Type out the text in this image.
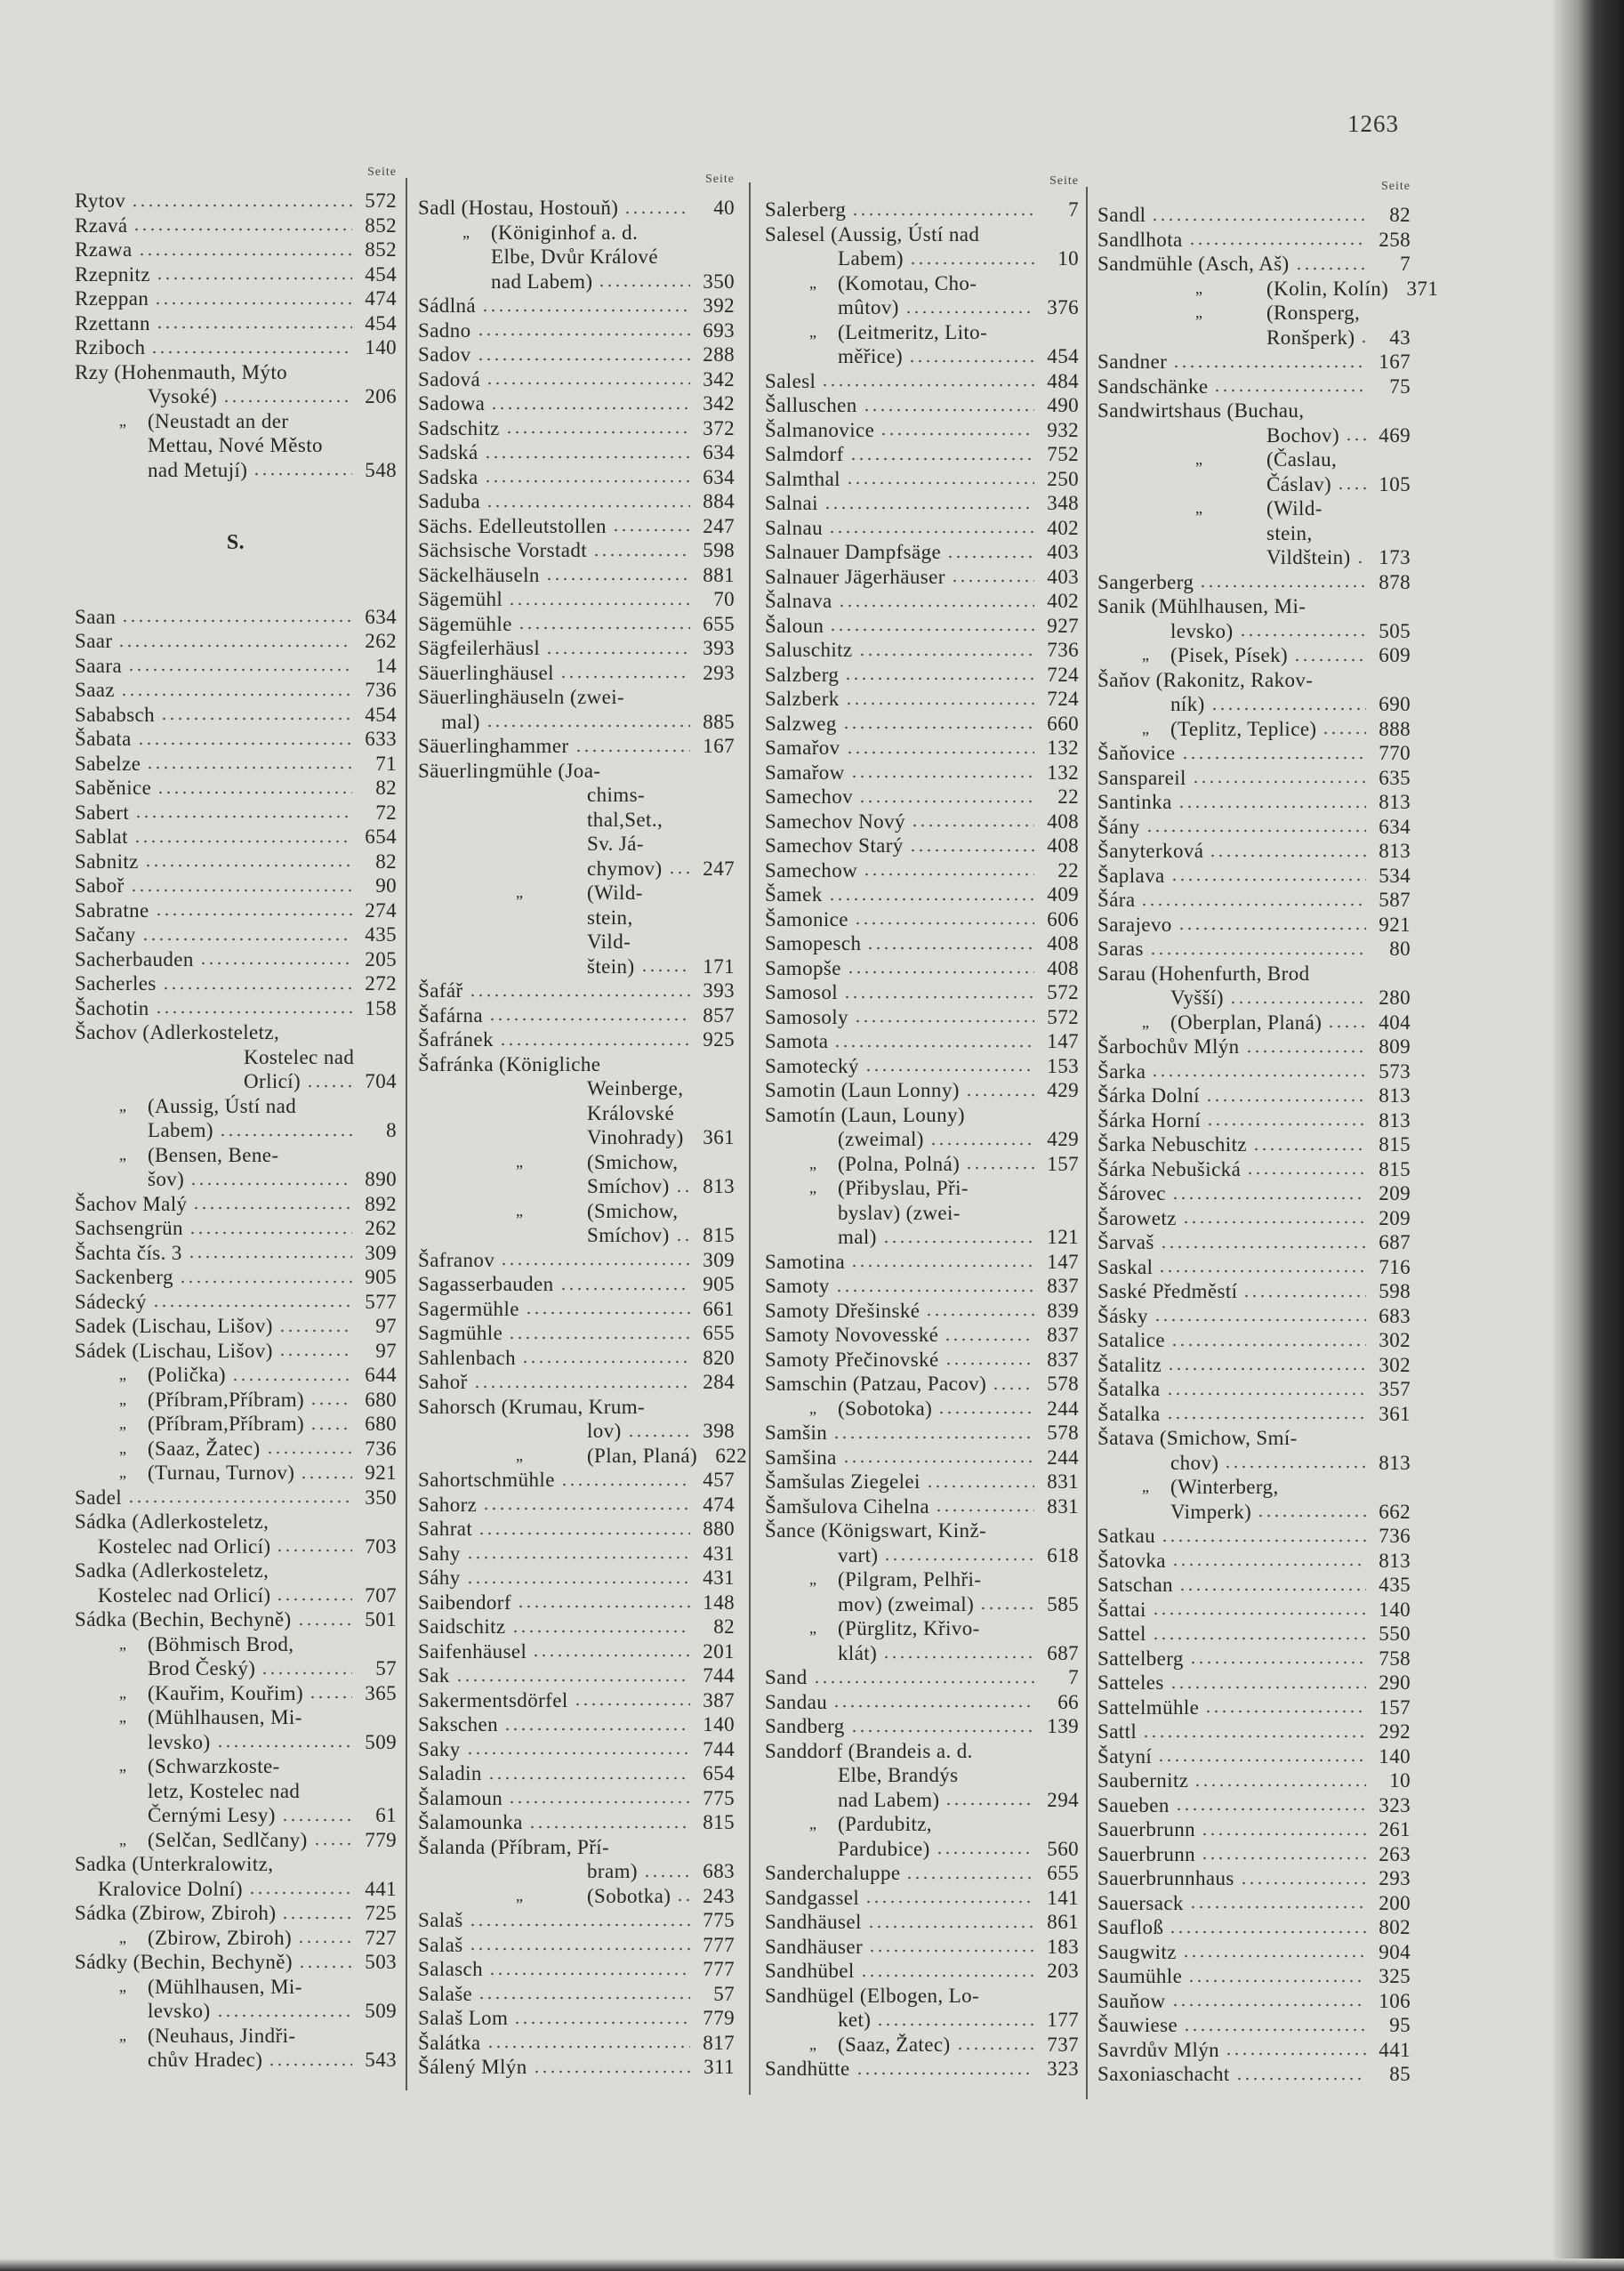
1263
Seite
Rytov	572
Rzavá	852
Rzawa	852
Rzepnitz	454
Rzeppan	474
Rzettann	454
Rziboch	140
Rzy (Hohenmauth, Mýto
Vysoké)	206
„	(Neustadt an der
Mettau, Nové Město
nad Metují)	548
S.
Saan	634
Saar	262
Saara	14
Saaz	736
Sababsch	454
Šabata	633
Sabelze	71
Saběnice	82
Sabert	72
Sablat	654
Sabnitz	82
Saboř	90
Sabratne	274
Sačany	435
Sacherbauden	205
Sacherles	272
Šachotin	158
Šachov (Adlerkosteletz,
Kostelec nad
Orlicí)	704
„	(Aussig, Ústí nad
Labem)	8
„	(Bensen, Bene-
šov)	890
Šachov Malý	892
Sachsengrün	262
Šachta čís. 3	309
Sackenberg	905
Sádecký	577
Sadek (Lischau, Lišov)	97
Sádek (Lischau, Lišov)	97
„	(Polička)	644
„	(Příbram,Příbram)	680
„	(Příbram,Příbram)	680
„	(Saaz, Žatec)	736
„	(Turnau, Turnov)	921
Sadel	350
Sádka (Adlerkosteletz,
Kostelec nad Orlicí)	703
Sadka (Adlerkosteletz,
Kostelec nad Orlicí)	707
Sádka (Bechin, Bechyně)	501
„	(Böhmisch Brod,
Brod Český)	57
„	(Kauřim, Kouřim)	365
„	(Mühlhausen, Mi-
levsko)	509
„	(Schwarzkoste-
letz, Kostelec nad
Černými Lesy)	61
„	(Selčan, Sedlčany)	779
Sadka (Unterkralowitz,
Kralovice Dolní)	441
Sádka (Zbirow, Zbiroh)	725
„	(Zbirow, Zbiroh)	727
Sádky (Bechin, Bechyně)	503
„	(Mühlhausen, Mi-
levsko)	509
„	(Neuhaus, Jindři-
chův Hradec)	543
Seite
Sadl (Hostau, Hostouň)	40
„	(Königinhof a. d.
Elbe, Dvůr Králové
nad Labem)	350
Sádlná	392
Sadno	693
Sadov	288
Sadová	342
Sadowa	342
Sadschitz	372
Sadská	634
Sadska	634
Saduba	884
Sächs. Edelleutstollen	247
Sächsische Vorstadt	598
Säckelhäuseln	881
Sägemühl	70
Sägemühle	655
Sägfeilerhäusl	393
Säuerlinghäusel	293
Säuerlinghäuseln (zwei-
mal)	885
Säuerlinghammer	167
Säuerlingmühle (Joa-
chims-
thal,Set.,
Sv. Já-
chymov)	247
„	(Wild-
stein,
Vild-
štein)	171
Šafář	393
Šafárna	857
Šafránek	925
Šafránka (Königliche
Weinberge,
Královské
Vinohrady) 361
„	(Smichow,
Smíchov)	813
„	(Smichow,
Smíchov)	815
Šafranov	309
Sagasserbauden	905
Sagermühle	661
Sagmühle	655
Sahlenbach	820
Sahoř	284
Sahorsch (Krumau, Krum-
lov)	398
„	(Plan, Planá) 622
Sahortschmühle	457
Sahorz	474
Sahrat	880
Sahy	431
Sáhy	431
Saibendorf	148
Saidschitz	82
Saifenhäusel	201
Sak	744
Sakermentsdörfel	387
Sakschen	140
Saky	744
Saladin	654
Šalamoun	775
Šalamounka	815
Šalanda (Příbram, Pří-
bram)	683
„	(Sobotka)	243
Salaš	775
Salaš	777
Salasch	777
Salaše	57
Salaš Lom	779
Šalátka	817
Šálený Mlýn	311
Seite
Salerberg	7
Salesel (Aussig, Ústí nad
Labem)	10
„	(Komotau, Cho-
mûtov)	376
„	(Leitmeritz, Lito-
měřice)	454
Salesl	484
Šalluschen	490
Šalmanovice	932
Salmdorf	752
Salmthal	250
Salnai	348
Salnau	402
Salnauer Dampfsäge	403
Salnauer Jägerhäuser	403
Šalnava	402
Šaloun	927
Saluschitz	736
Salzberg	724
Salzberk	724
Salzweg	660
Samařov	132
Samařow	132
Samechov	22
Samechov Nový	408
Samechov Starý	408
Samechow	22
Šamek	409
Šamonice	606
Samopesch	408
Samopše	408
Samosol	572
Samosoly	572
Samota	147
Samotecký	153
Samotin (Laun Lonny)	429
Samotín (Laun, Louny)
(zweimal)	429
„	(Polna, Polná)	157
„	(Přibyslau, Při-
byslav) (zwei-
mal)	121
Samotina	147
Samoty	837
Samoty Dřešinské	839
Samoty Novovesské	837
Samoty Přečinovské	837
Samschin (Patzau, Pacov)	578
„	(Sobotoka)	244
Samšin	578
Samšina	244
Šamšulas Ziegelei	831
Šamšulova Cihelna	831
Šance (Königswart, Kinž-
vart)	618
„	(Pilgram, Pelhři-
mov) (zweimal)	585
„	(Pürglitz, Křivo-
klát)	687
Sand	7
Sandau	66
Sandberg	139
Sanddorf (Brandeis a. d.
Elbe, Brandýs
nad Labem)	294
„	(Pardubitz,
Pardubice)	560
Sanderchaluppe	655
Sandgassel	141
Sandhäusel	861
Sandhäuser	183
Sandhübel	203
Sandhügel (Elbogen, Lo-
ket)	177
„	(Saaz, Žatec)	737
Sandhütte	323
Seite
Sandl	82
Sandlhota	258
Sandmühle (Asch, Aš)	7
„	(Kolin, Kolín) 371
„	(Ronsperg,
Ronšperk)	43
Sandner	167
Sandschänke	75
Sandwirtshaus (Buchau,
Bochov)	469
„	(Časlau,
Čáslav)	105
„	(Wild-
stein,
Vildštein)	173
Sangerberg	878
Sanik (Mühlhausen, Mi-
levsko)	505
„	(Pisek, Písek)	609
Šaňov (Rakonitz, Rakov-
ník)	690
„	(Teplitz, Teplice)	888
Šaňovice	770
Sanspareil	635
Santinka	813
Šány	634
Šanyterková	813
Šaplava	534
Šára	587
Sarajevo	921
Saras	80
Sarau (Hohenfurth, Brod
Vyšší)	280
„	(Oberplan, Planá)	404
Šarbochův Mlýn	809
Šarka	573
Šárka Dolní	813
Šárka Horní	813
Šarka Nebuschitz	815
Šárka Nebušická	815
Šárovec	209
Šarowetz	209
Šarvaš	687
Saskal	716
Saské Předměstí	598
Šásky	683
Satalice	302
Šatalitz	302
Šatalka	357
Šatalka	361
Šatava (Smichow, Smí-
chov)	813
„	(Winterberg,
Vimperk)	662
Satkau	736
Šatovka	813
Satschan	435
Šattai	140
Sattel	550
Sattelberg	758
Satteles	290
Sattelmühle	157
Sattl	292
Šatyní	140
Saubernitz	10
Saueben	323
Sauerbrunn	261
Sauerbrunn	263
Sauerbrunnhaus	293
Sauersack	200
Saufloß	802
Saugwitz	904
Saumühle	325
Sauňow	106
Šauwiese	95
Savrdův Mlýn	441
Saxoniaschacht	85
